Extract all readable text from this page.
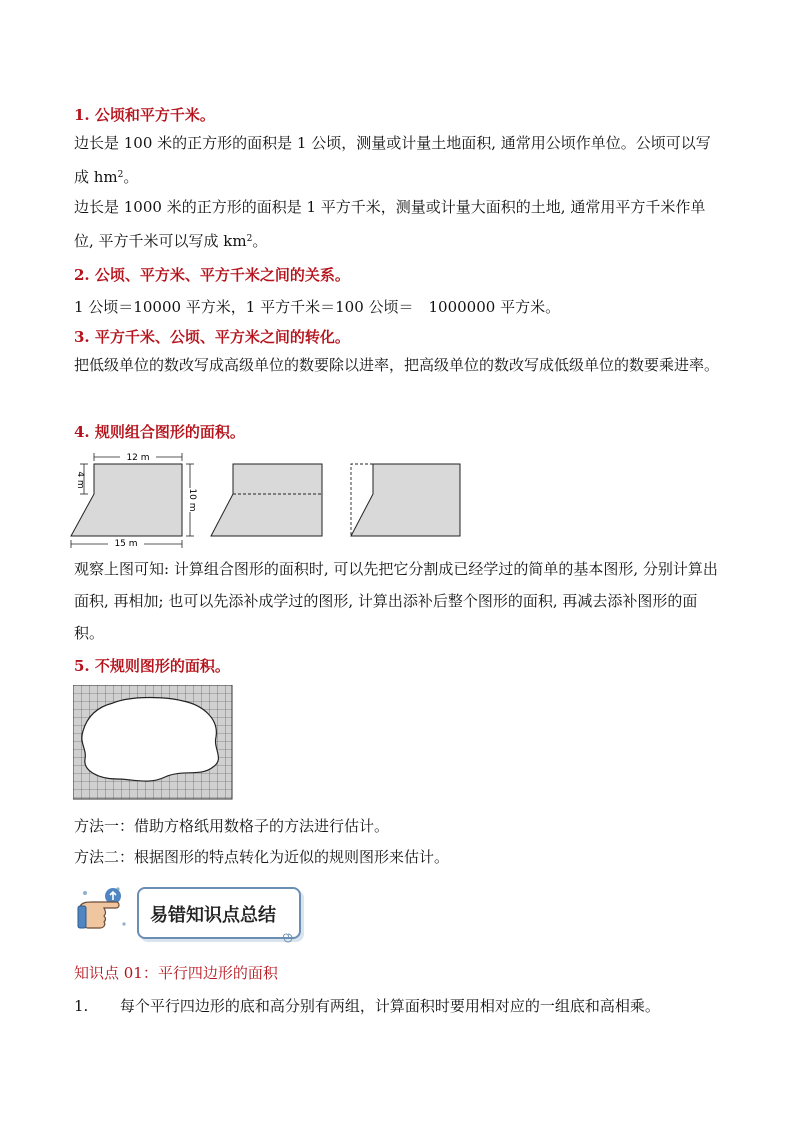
1. 公顷和平方千米。
边长是 100 米的正方形的面积是 1 公顷，测量或计量土地面积, 通常用公顷作单位。公顷可以写成 $hm^2$。
边长是 1000 米的正方形的面积是 1 平方千米，测量或计量大面积的土地, 通常用平方千米作单位, 平方千米可以写成 $km^2$。
2. 公顷、平方米、平方千米之间的关系。
1 公顷＝10000 平方米，1 平方千米＝100 公顷＝　1000000 平方米。
3. 平方千米、公顷、平方米之间的转化。
把低级单位的数改写成高级单位的数要除以进率，把高级单位的数改写成低级单位的数要乘进率。
4. 规则组合图形的面积。
12 m
4 m
10 m
15 m
观察上图可知: 计算组合图形的面积时, 可以先把它分割成已经学过的简单的基本图形, 分别计算出面积, 再相加; 也可以先添补成学过的图形, 计算出添补后整个图形的面积, 再减去添补图形的面积。
5. 不规则图形的面积。
方法一：借助方格纸用数格子的方法进行估计。
方法二：根据图形的特点转化为近似的规则图形来估计。
易错知识点总结
知识点 01：平行四边形的面积
1. 每个平行四边形的底和高分别有两组，计算面积时要用相对应的一组底和高相乘。
